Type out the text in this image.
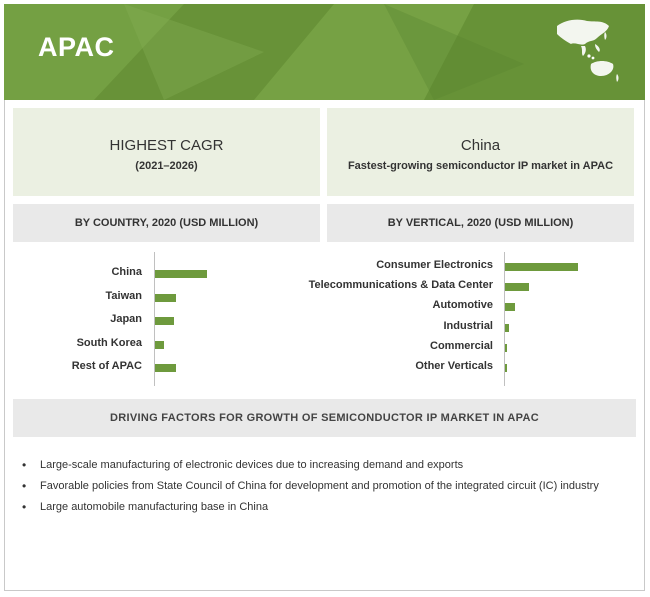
APAC
HIGHEST CAGR
(2021–2026)
China
Fastest-growing semiconductor IP market in APAC
BY COUNTRY, 2020 (USD MILLION)	BY VERTICAL, 2020 (USD MILLION)
China
Taiwan
Japan
South Korea
Rest of APAC
Consumer Electronics
Telecommunications & Data Center
Automotive
Industrial
Commercial
Other Verticals
DRIVING FACTORS FOR GROWTH OF SEMICONDUCTOR IP MARKET IN APAC
• Large-scale manufacturing of electronic devices due to increasing demand and exports
• Favorable policies from State Council of China for development and promotion of the integrated circuit (IC) industry
• Large automobile manufacturing base in China
